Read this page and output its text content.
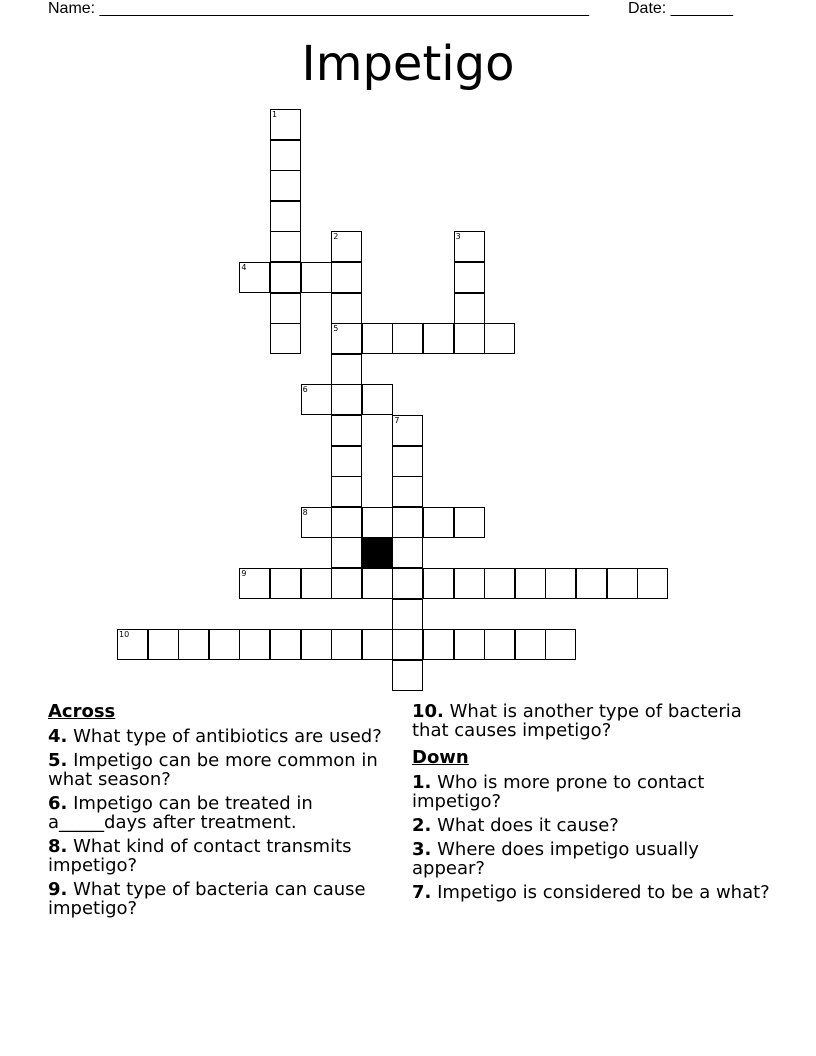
Name: _______________________________________________________ Date: _______
Impetigo
1
2	3
4
5
6
7
8
9
10
Across
4. What type of antibiotics are used?
5. Impetigo can be more common in what season?
6. Impetigo can be treated in a_____days after treatment.
8. What kind of contact transmits impetigo?
9. What type of bacteria can cause impetigo?
10. What is another type of bacteria that causes impetigo?
Down
1. Who is more prone to contact impetigo?
2. What does it cause?
3. Where does impetigo usually appear?
7. Impetigo is considered to be a what?
